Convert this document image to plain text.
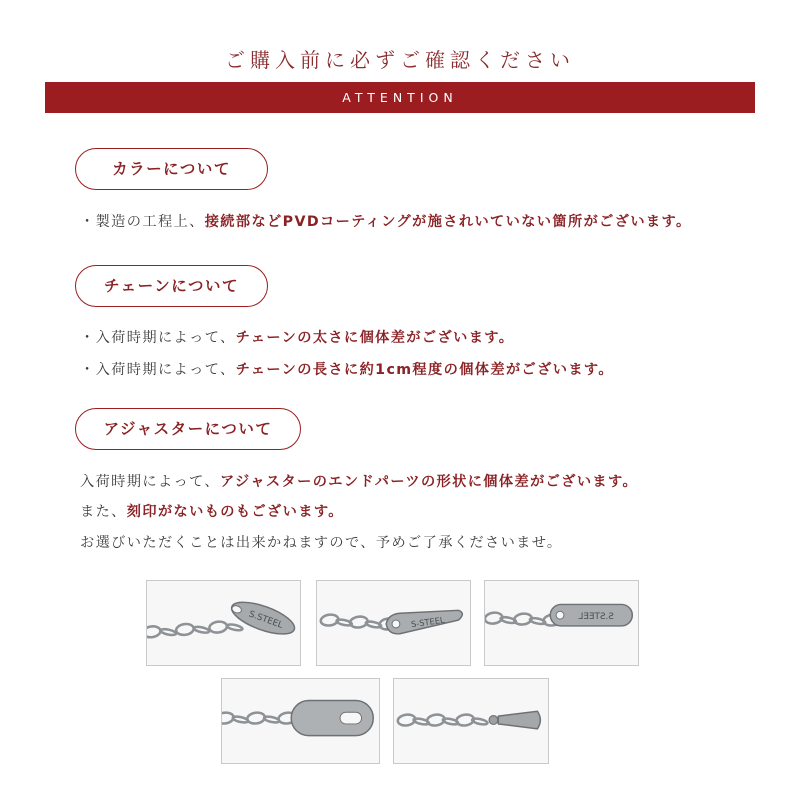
ご購入前に必ずご確認ください
ATTENTION
カラーについて
・製造の工程上、接続部などPVDコーティングが施されいていない箇所がございます。
チェーンについて
・入荷時期によって、チェーンの太さに個体差がございます。
・入荷時期によって、チェーンの長さに約1cm程度の個体差がございます。
アジャスターについて
入荷時期によって、アジャスターのエンドパーツの形状に個体差がございます。
また、刻印がないものもございます。
お選びいただくことは出来かねますので、予めご了承くださいませ。
S.STEEL	S-STEEL	S.STEEL
